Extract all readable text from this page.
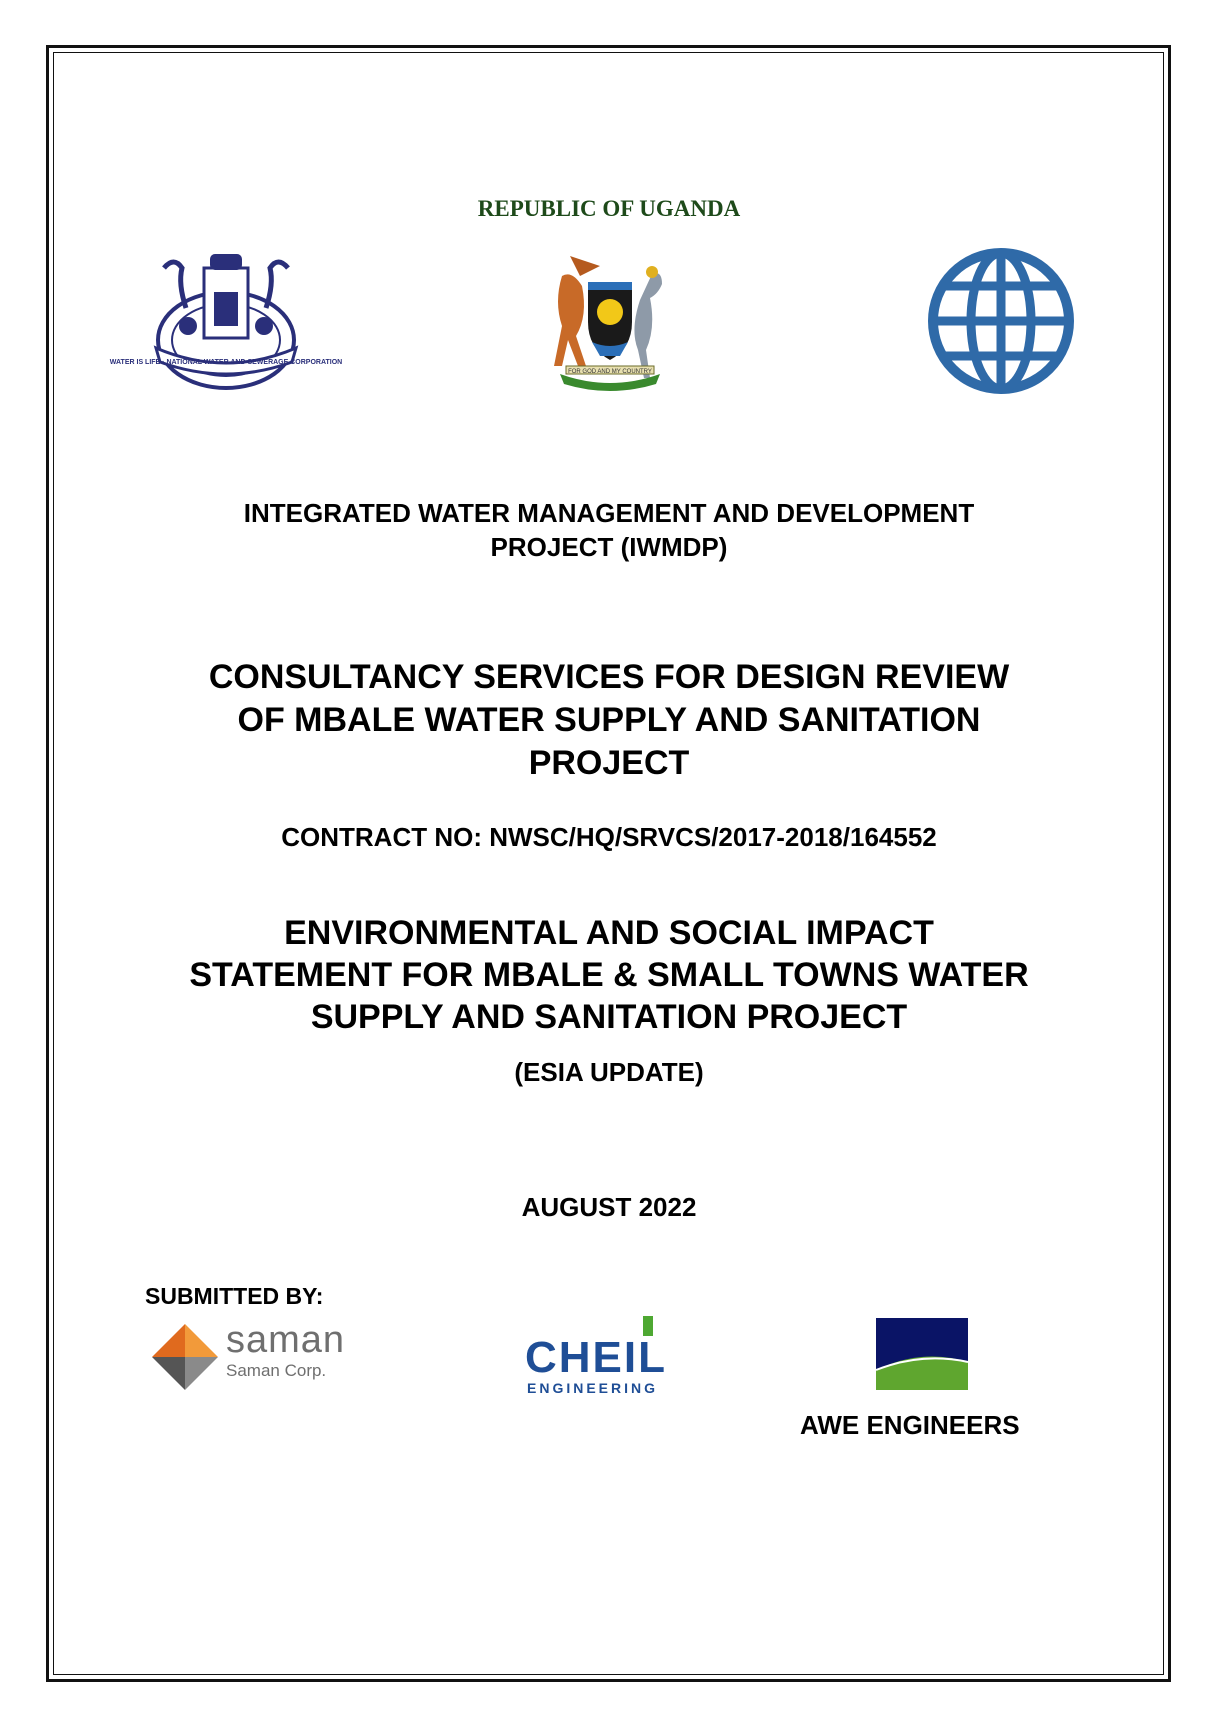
REPUBLIC OF UGANDA
WATER IS LIFE · NATIONAL WATER AND SEWERAGE CORPORATION
FOR GOD AND MY COUNTRY
INTEGRATED WATER MANAGEMENT AND DEVELOPMENT
PROJECT (IWMDP)
CONSULTANCY SERVICES FOR DESIGN REVIEW
OF MBALE WATER SUPPLY AND SANITATION
PROJECT
CONTRACT NO: NWSC/HQ/SRVCS/2017-2018/164552
ENVIRONMENTAL AND SOCIAL IMPACT
STATEMENT FOR MBALE & SMALL TOWNS WATER
SUPPLY AND SANITATION PROJECT
(ESIA UPDATE)
AUGUST 2022
SUBMITTED BY:
saman
Saman Corp.	CHEIL
ENGINEERING
AWE ENGINEERS
